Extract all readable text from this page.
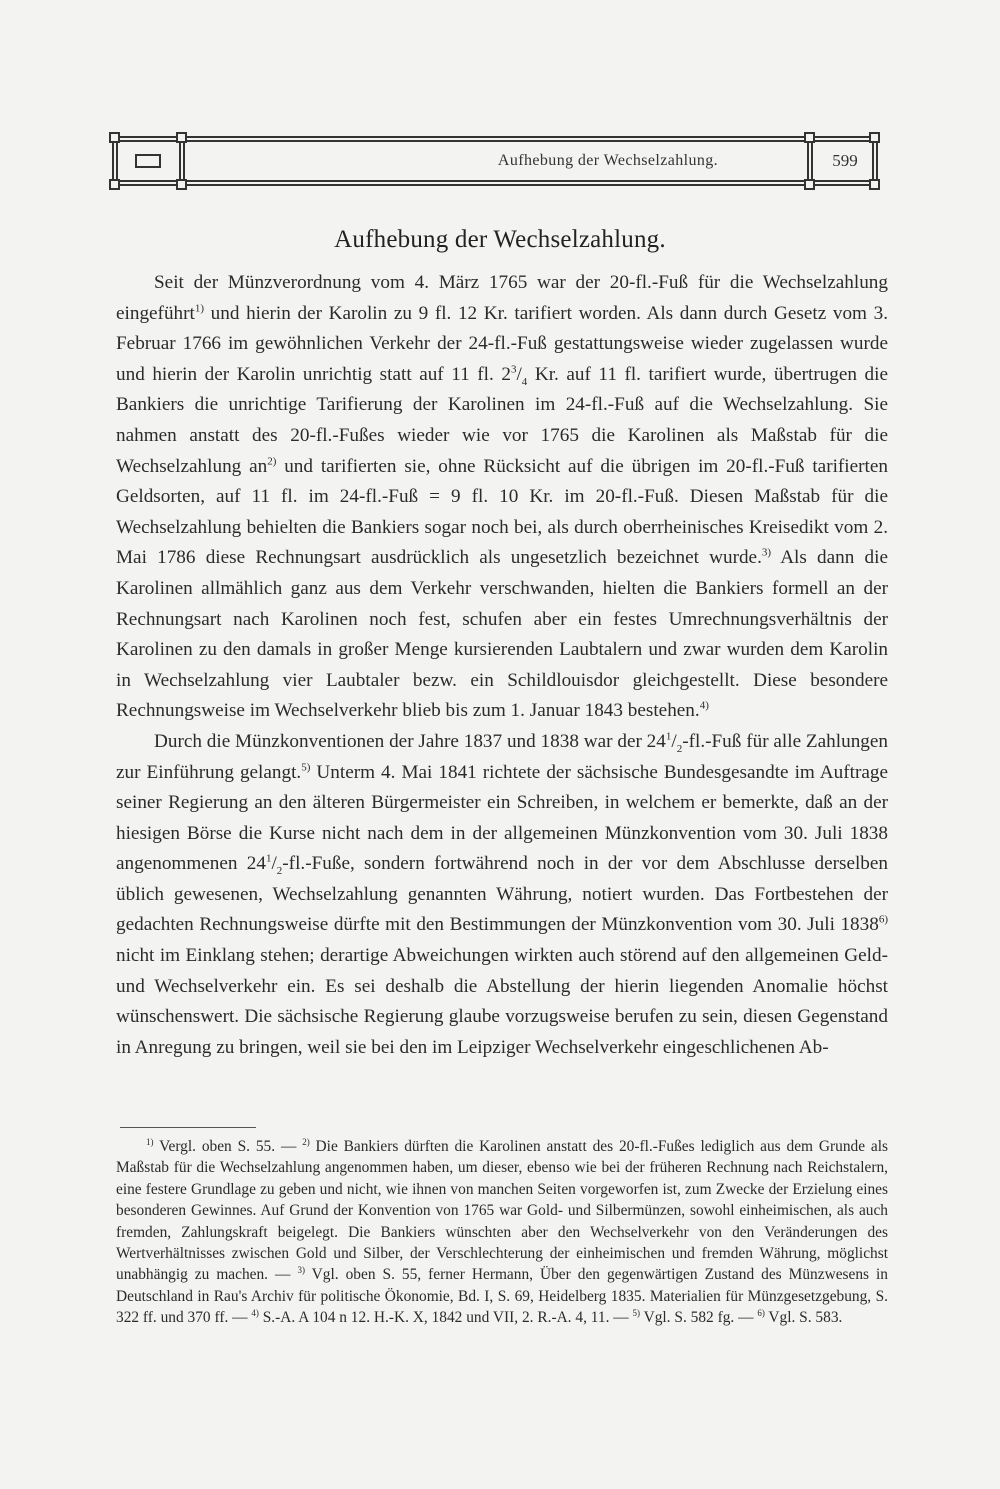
Aufhebung der Wechselzahlung.	599
Aufhebung der Wechselzahlung.

Seit der Münzverordnung vom 4. März 1765 war der 20-fl.-Fuß für die Wechselzahlung eingeführt$^{1)}$ und hierin der Karolin zu 9 fl. 12 Kr. tarifiert worden. Als dann durch Gesetz vom 3. Februar 1766 im gewöhnlichen Verkehr der 24-fl.-Fuß gestattungsweise wieder zugelassen wurde und hierin der Karolin unrichtig statt auf 11 fl. $2^3/_4$ Kr. auf 11 fl. tarifiert wurde, übertrugen die Bankiers die unrichtige Tarifierung der Karolinen im 24-fl.-Fuß auf die Wechselzahlung. Sie nahmen anstatt des 20-fl.-Fußes wieder wie vor 1765 die Karolinen als Maßstab für die Wechselzahlung $an^{2)}$ und tarifierten sie, ohne Rücksicht auf die übrigen im 20-fl.-Fuß tarifierten Geldsorten, auf 11 fl. im 24-fl.-Fuß = 9 fl. 10 Kr. im 20-fl.-Fuß. Diesen Maßstab für die Wechselzahlung behielten die Bankiers sogar noch bei, als durch oberrheinisches Kreisedikt vom 2. Mai 1786 diese Rechnungsart ausdrücklich als ungesetzlich bezeichnet wurde.$^{3)}$ Als dann die Karolinen allmählich ganz aus dem Verkehr verschwanden, hielten die Bankiers formell an der Rechnungsart nach Karolinen noch fest, schufen aber ein festes Umrechnungsverhältnis der Karolinen zu den damals in großer Menge kursierenden Laubtalern und zwar wurden dem Karolin in Wechselzahlung vier Laubtaler bezw. ein Schildlouisdor gleichgestellt. Diese besondere Rechnungsweise im Wechselverkehr blieb bis zum 1. Januar 1843 bestehen.$^{4)}$

Durch die Münzkonventionen der Jahre 1837 und 1838 war der $24^1/_2-fl$.-Fuß für alle Zahlungen zur Einführung gelangt.$^{5)}$ Unterm 4. Mai 1841 richtete der sächsische Bundesgesandte im Auftrage seiner Regierung an den älteren Bürgermeister ein Schreiben, in welchem er bemerkte, daß an der hiesigen Börse die Kurse nicht nach dem in der allgemeinen Münzkonvention vom 30. Juli 1838 angenommenen $24^1/_2-fl$.-Fuße, sondern fortwährend noch in der vor dem Abschlusse derselben üblich gewesenen, Wechselzahlung genannten Währung, notiert wurden. Das Fortbestehen der gedachten Rechnungsweise dürfte mit den Bestimmungen der Münzkonvention vom 30. Juli 1838$^{6)}$ nicht im Einklang stehen; derartige Abweichungen wirkten auch störend auf den allgemeinen Geld- und Wechselverkehr ein. Es sei deshalb die Abstellung der hierin liegenden Anomalie höchst wünschenswert. Die sächsische Regierung glaube vorzugsweise berufen zu sein, diesen Gegenstand in Anregung zu bringen, weil sie bei den im Leipziger Wechselverkehr eingeschlichenen Ab-

$^{1)}$ Vergl. oben S. 55. — $^{2)}$ Die Bankiers dürften die Karolinen anstatt des 20-fl.-Fußes lediglich aus dem Grunde als Maßstab für die Wechselzahlung angenommen haben, um dieser, ebenso wie bei der früheren Rechnung nach Reichstalern, eine festere Grundlage zu geben und nicht, wie ihnen von manchen Seiten vorgeworfen ist, zum Zwecke der Erzielung eines besonderen Gewinnes. Auf Grund der Konvention von 1765 war Gold- und Silbermünzen, sowohl einheimischen, als auch fremden, Zahlungskraft beigelegt. Die Bankiers wünschten aber den Wechselverkehr von den Veränderungen des Wertverhältnisses zwischen Gold und Silber, der Verschlechterung der einheimischen und fremden Währung, möglichst unabhängig zu machen. — $^{3)}$ Vgl. oben S. 55, ferner Hermann, Über den gegenwärtigen Zustand des Münzwesens in Deutschland in Rau's Archiv für politische Ökonomie, Bd. I, S. 69, Heidelberg 1835. Materialien für Münzgesetzgebung, S. 322 ff. und 370 ff. — $^{4)}$ S.-A. A 104 n 12. H.-K. X, 1842 und VII, 2. R.-A. 4, 11. — $^{5)}$ Vgl. S. 582 fg. — $^{6)}$ Vgl. S. 583.
